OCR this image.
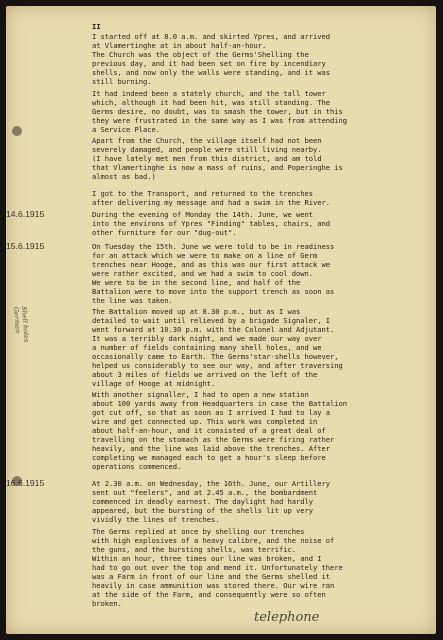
II
I started off at 8.0 a.m. and skirted Ypres, and arrived
at Vlamertinghe at in about half-an-hour.
The Church was the object of the Germs'Shelling the
previous day, and it had been set on fire by incendiary
shells, and now only the walls were standing, and it was
still burning.
It had indeed been a stately church, and the tall tower
which, although it had been hit, was still standing. The
Germs desire, no doubt, was to smash the tower, but in this
they were frustrated in the same way as I was from attending
a Service Place.
Apart from the Church, the village itself had not been
severely damaged, and people were still living nearby.
(I have lately met men from this district, and am told
that Vlamertinghe is now a mass of ruins, and Poperinghe is
almost as bad.)
I got to the Transport, and returned to the trenches
after delivering my message and had a swim in the River.
14.6.1915	During the evening of Monday the 14th. June, we went
into the environs of Ypres "Finding" tables, chairs, and
other furniture for our "dug-out".
15.6.1915	On Tuesday the 15th. June we were told to be in readiness
for an attack which we were to make on a line of Germ
trenches near Hooge, and as this was our first attack we
were rather excited, and we had a swim to cool down.
We were to be in the second line, and half of the
Battalion were to move into the support trench as soon as
the line was taken.
The Battalion moved up at 8.30 p.m., but as I was
detailed to wait until relieved by a brigade Signaler, I
went forward at 10.30 p.m. with the Colonel and Adjutant.
It was a terribly dark night, and we made our way over
a number of fields containing many shell holes, and we
occasionally came to Earth. The Germs'star-shells however,
helped us considerably to see our way, and after traversing
about 3 miles of fields we arrived on the left of the
village of Hooge at midnight.
With another signaller, I had to open a new station
about 100 yards away from Headquarters in case the Battalion
got cut off, so that as soon as I arrived I had to lay a
wire and get connected up. This work was completed in
about half-an-hour, and it consisted of a great deal of
travelling on the stomach as the Germs were firing rather
heavily, and the line was laid above the trenches. After
completing we managed each to get a hour's sleep before
operations commenced.
16.6.1915	At 2.30 a.m. on Wednesday, the 16th. June, our Artillery
sent out "feelers", and at 2.45 a.m., the bombardment
commenced in deadly earnest. The daylight had hardly
appeared, but the bursting of the shells lit up very
vividly the lines of trenches.
The Germs replied at once by shelling our trenches
with high explosives of a heavy calibre, and the noise of
the guns, and the bursting shells, was terrific.
Within an hour, three times our line was broken, and I
had to go out over the top and mend it. Unfortunately there
was a Farm in front of our line and the Germs shelled it
heavily in case ammunition was stored there. Our wire ran
at the side of the Farm, and consequently were so often
broken.
Shell holes German
telephone
